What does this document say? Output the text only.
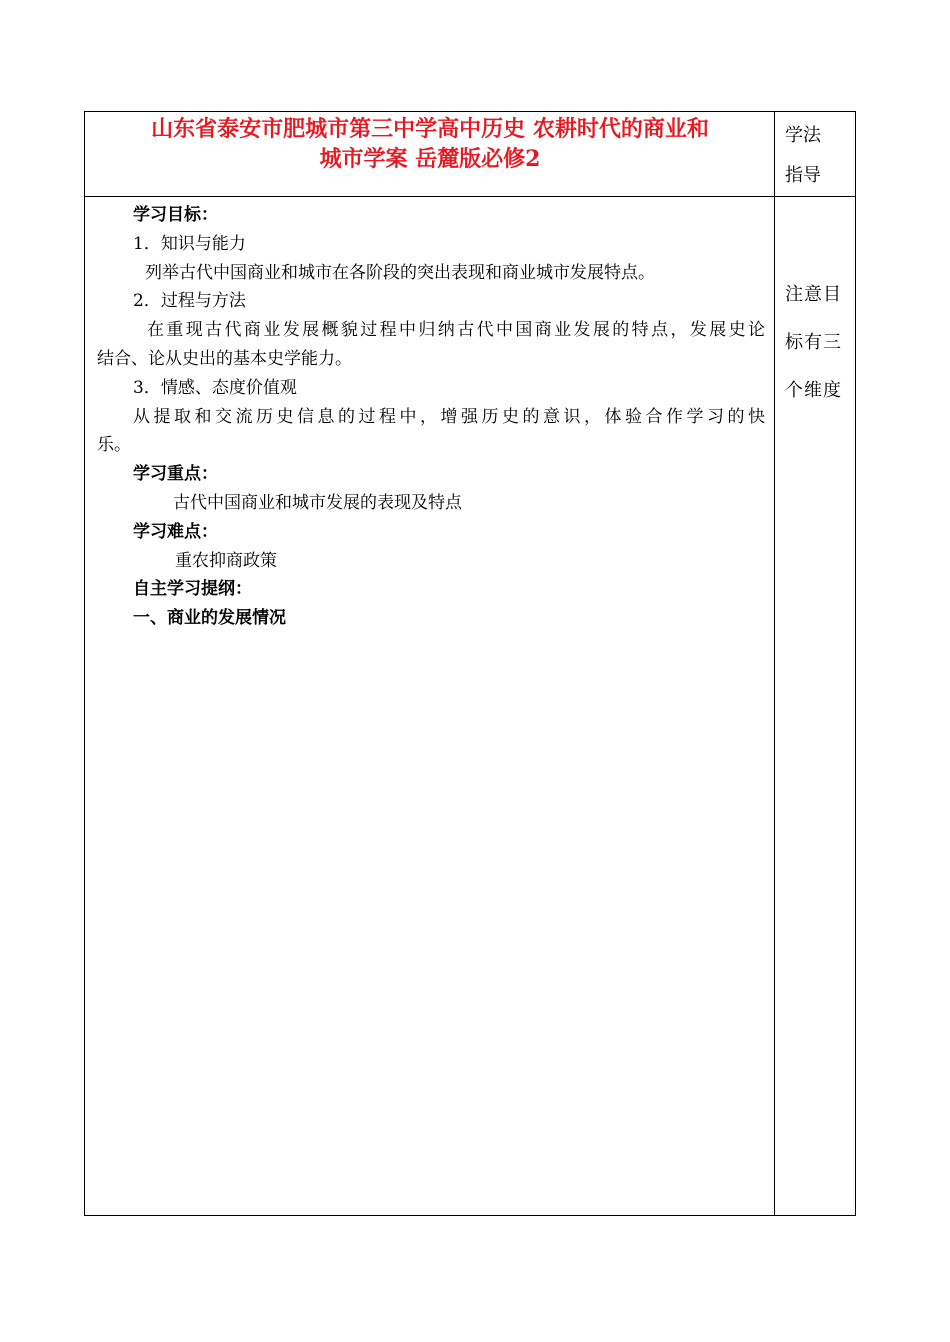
山东省泰安市肥城市第三中学高中历史 农耕时代的商业和
城市学案 岳麓版必修2
学法
指导
注意目
标有三
个维度
学习目标：
1．知识与能力
列举古代中国商业和城市在各阶段的突出表现和商业城市发展特点。
2．过程与方法
在重现古代商业发展概貌过程中归纳古代中国商业发展的特点，发展史论
结合、论从史出的基本史学能力。
3．情感、态度价值观
从提取和交流历史信息的过程中，增强历史的意识，体验合作学习的快
乐。
学习重点：
古代中国商业和城市发展的表现及特点
学习难点：
重农抑商政策
自主学习提纲：
一、商业的发展情况
